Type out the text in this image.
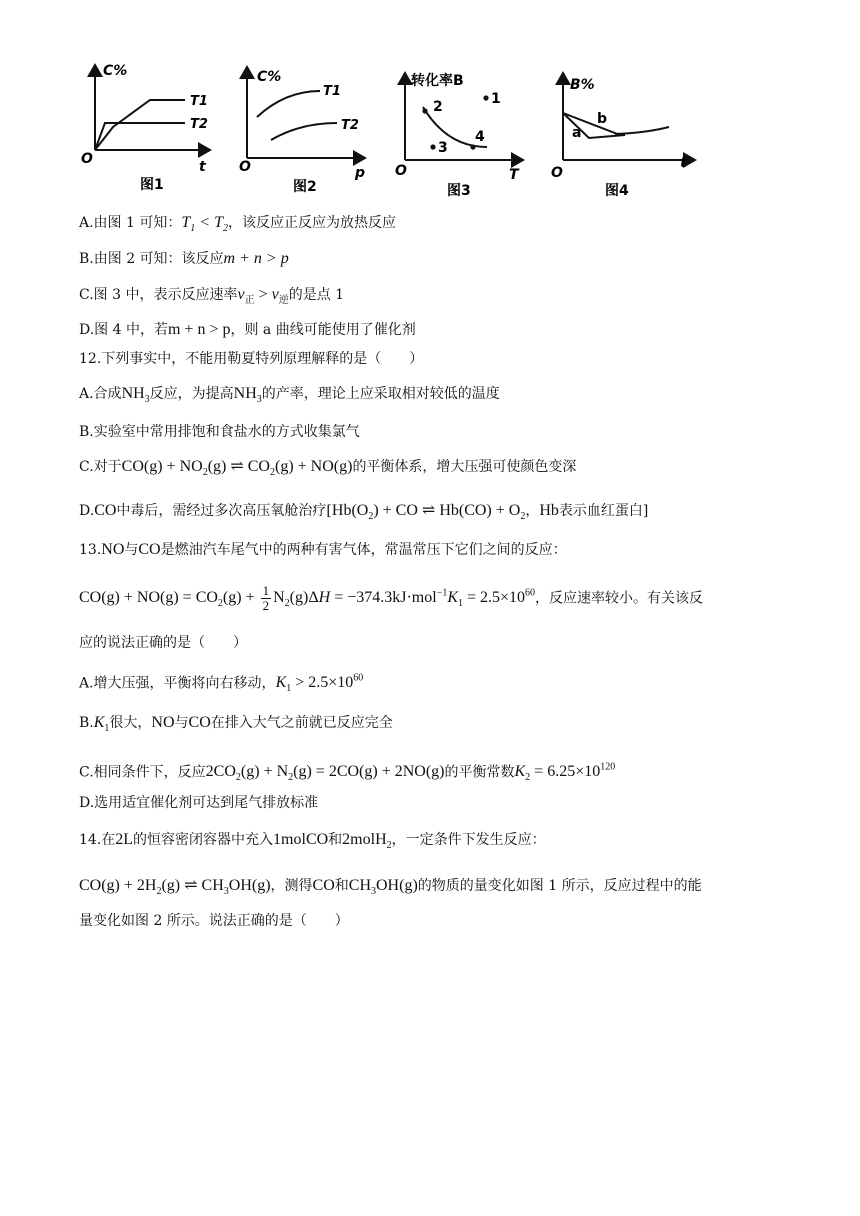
C%
O	t
T1
T2
图1
C%
O	p
T1
T2
图2
转化率B
O	T
1
2
3
4
图3
B%
O
t
a
b
图4
A.由图 1 可知：$T_1 < T_2$，该反应正反应为放热反应
B.由图 2 可知：该反应m + n > p
C.图 3 中，表示反应速率$v_正 > v_逆$的是点 1
D.图 4 中，若m + n > p，则 a 曲线可能使用了催化剂
12.下列事实中，不能用勒夏特列原理解释的是（　　）
A.合成$NH_3$反应，为提高$NH_3$的产率，理论上应采取相对较低的温度
B.实验室中常用排饱和食盐水的方式收集氯气
C.对于$CO(g) + NO_2(g)$ ⇌ $CO_2(g) + NO(g)$的平衡体系，增大压强可使颜色变深
D.CO中毒后，需经过多次高压氧舱治疗[$Hb(O_2)$ + CO ⇌ $Hb(CO) + O_2$，Hb表示血红蛋白]
13.NO与CO是燃油汽车尾气中的两种有害气体，常温常压下它们之间的反应：
$CO(g) + NO(g) = CO_2(g) + \frac{1}{2} N_2(g)\Delta H = -374.3kJ\cdot mol^{-1}K_1 = 2.5\times 10^{60}$，反应速率较小。有关该反
应的说法正确的是（　　）
A.增大压强，平衡将向右移动，$K_1 > 2.5\times 10^{60}$
$B.K_1$很大，NO与CO在排入大气之前就已反应完全
C.相同条件下，反应$2CO_2(g) + N_2(g) = 2CO(g) + 2NO(g)$的平衡常数$K_2 = 6.25\times 10^{120}$
D.选用适宜催化剂可达到尾气排放标准
14.在2L的恒容密闭容器中充入1molCO和2molH$_2$，一定条件下发生反应：
$CO(g) + 2H_2(g)$ ⇌ $CH_3OH(g)$，测得CO和$CH_3OH(g)$的物质的量变化如图 1 所示，反应过程中的能
量变化如图 2 所示。说法正确的是（　　）
